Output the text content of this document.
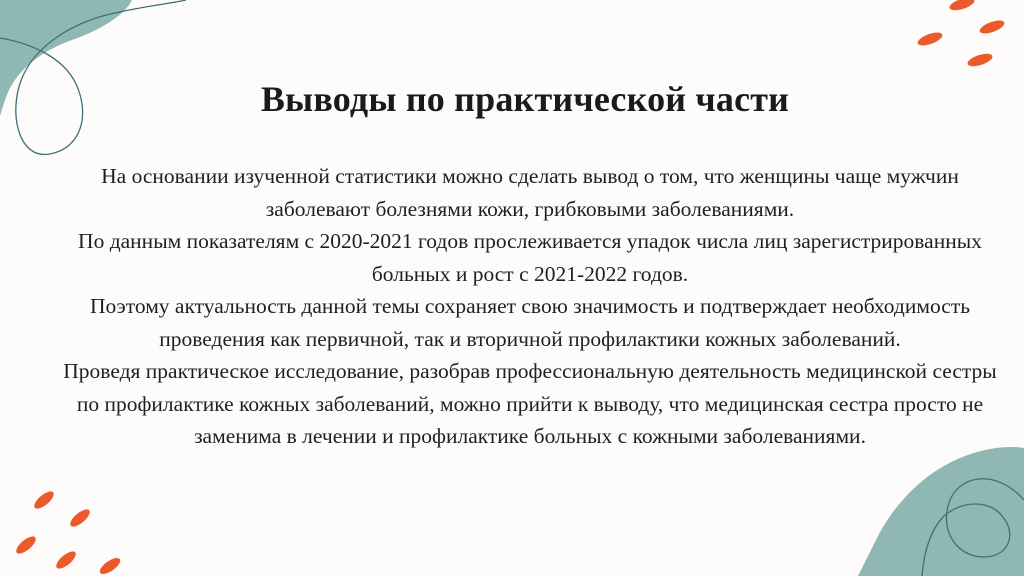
Выводы по практической части

На основании изученной статистики можно сделать вывод о том, что женщины чаще мужчин заболевают болезнями кожи, грибковыми заболеваниями.

По данным показателям с 2020-2021 годов прослеживается упадок числа лиц зарегистрированных больных и рост с 2021-2022 годов.

Поэтому актуальность данной темы сохраняет свою значимость и подтверждает необходимость проведения как первичной, так и вторичной профилактики кожных заболеваний.

Проведя практическое исследование, разобрав профессиональную деятельность медицинской сестры по профилактике кожных заболеваний, можно прийти к выводу, что медицинская сестра просто не заменима в лечении и профилактике больных с кожными заболеваниями.
